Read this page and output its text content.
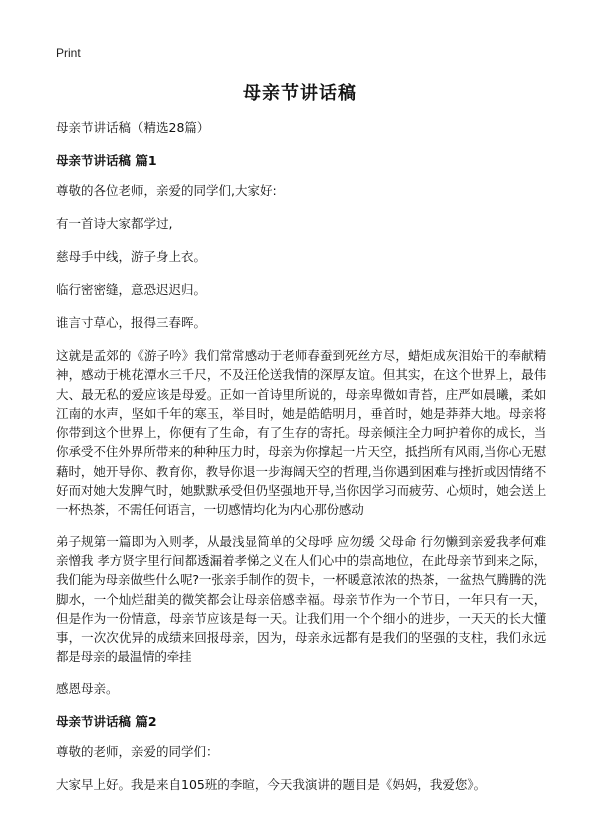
Print
母亲节讲话稿

母亲节讲话稿（精选28篇）

母亲节讲话稿 篇1

尊敬的各位老师，亲爱的同学们,大家好:

有一首诗大家都学过,

慈母手中线，游子身上衣。

临行密密缝，意恐迟迟归。

谁言寸草心，报得三春晖。

这就是孟郊的《游子吟》我们常常感动于老师春蚕到死丝方尽，蜡炬成灰泪始干的奉献精神，感动于桃花潭水三千尺，不及汪伦送我情的深厚友谊。但其实，在这个世界上，最伟大、最无私的爱应该是母爱。正如一首诗里所说的，母亲卑微如青苔，庄严如晨曦，柔如江南的水声，坚如千年的寒玉，举目时，她是皓皓明月，垂首时，她是莽莽大地。母亲将你带到这个世界上，你便有了生命，有了生存的寄托。母亲倾注全力呵护着你的成长，当你承受不住外界所带来的种种压力时，母亲为你撑起一片天空，抵挡所有风雨,当你心无慰藉时，她开导你、教育你，教导你退一步海阔天空的哲理,当你遇到困难与挫折或因情绪不好而对她大发脾气时，她默默承受但仍坚强地开导,当你因学习而疲劳、心烦时，她会送上一杯热茶，不需任何语言，一切感情均化为内心那份感动

弟子规第一篇即为入则孝，从最浅显简单的父母呼 应勿缓 父母命 行勿懒到亲爱我孝何难 亲憎我 孝方贤字里行间都透漏着孝悌之义在人们心中的崇高地位，在此母亲节到来之际，我们能为母亲做些什么呢?一张亲手制作的贺卡，一杯暖意浓浓的热茶，一盆热气腾腾的洗脚水，一个灿烂甜美的微笑都会让母亲倍感幸福。母亲节作为一个节日，一年只有一天，但是作为一份情意，母亲节应该是每一天。让我们用一个个细小的进步，一天天的长大懂事，一次次优异的成绩来回报母亲，因为，母亲永远都有是我们的坚强的支柱，我们永远都是母亲的最温情的牵挂

感恩母亲。

母亲节讲话稿 篇2

尊敬的老师，亲爱的同学们：

大家早上好。我是来自105班的李暄，今天我演讲的题目是《妈妈，我爱您》。
